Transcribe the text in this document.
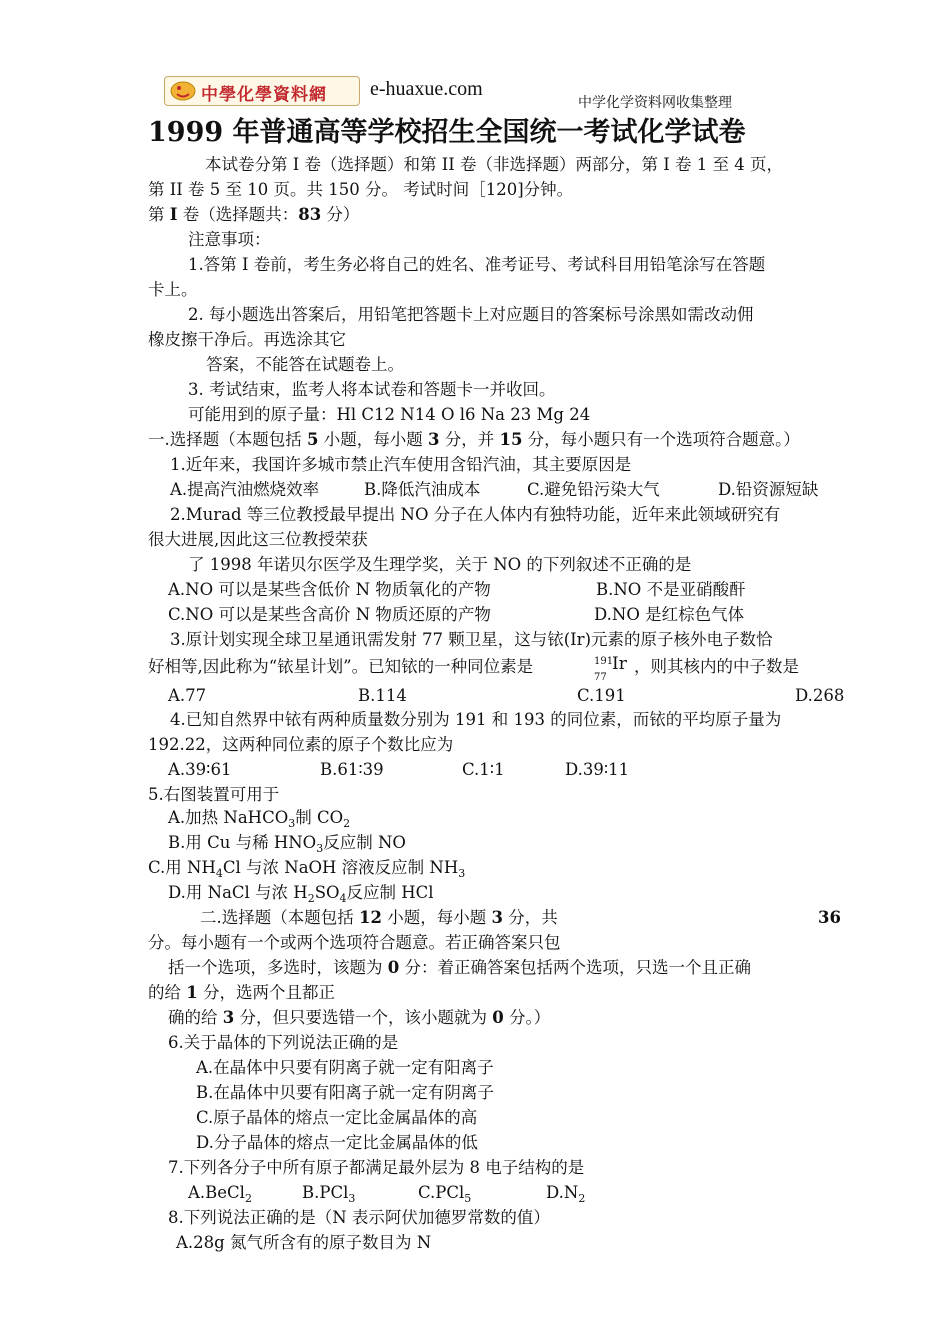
中學化學資料網 e-huaxue.com
中学化学资料网收集整理
1999 年普通高等学校招生全国统一考试化学试卷
本试卷分第 I 卷（选择题）和第 II 卷（非选择题）两部分，第 I 卷 1 至 4 页，
第 II 卷 5 至 10 页。共 150 分。 考试时间［120]分钟。
第 I 卷（选择题共：83 分）
注意事项：
1.答第 I 卷前，考生务必将自己的姓名、准考证号、考试科目用铅笔涂写在答题
卡上。
2. 每小题选出答案后，用铅笔把答题卡上对应题目的答案标号涂黑如需改动佣
橡皮擦干净后。再选涂其它
答案，不能答在试题卷上。
3. 考试结束，监考人将本试卷和答题卡一并收回。
可能用到的原子量：Hl C12 N14 O l6 Na 23 Mg 24
一.选择题（本题包括 5 小题，每小题 3 分，并 15 分，每小题只有一个选项符合题意。）
1.近年来，我国许多城市禁止汽车使用含铅汽油，其主要原因是
A.提高汽油燃烧效率	B.降低汽油成本	C.避免铅污染大气	D.铅资源短缺
2.Murad 等三位教授最早提出 NO 分子在人体内有独特功能，近年来此领域研究有
很大进展,因此这三位教授荣获
了 1998 年诺贝尔医学及生理学奖，关于 NO 的下列叙述不正确的是
A.NO 可以是某些含低价 N 物质氧化的产物	B.NO 不是亚硝酸酐
C.NO 可以是某些含高价 N 物质还原的产物	D.NO 是红棕色气体
3.原计划实现全球卫星通讯需发射 77 颗卫星，这与铱(Ir)元素的原子核外电子数恰
好相等,因此称为“铱星计划”。已知铱的一种同位素是	191
77
Ir ，则其核内的中子数是
A.77	B.114	C.191	D.268
4.已知自然界中铱有两种质量数分别为 191 和 193 的同位素，而铱的平均原子量为
192.22，这两种同位素的原子个数比应为
A.39∶61	B.61∶39	C.1∶1	D.39∶11
5.右图装置可用于
A.加热 NaHCO$_3$制 $CO_2$
B.用 Cu 与稀 $HNO_3$反应制 NO
C.用 $NH_4Cl$ 与浓 NaOH 溶液反应制 $NH_3$
D.用 NaCl 与浓 $H_2SO_4$反应制 HCl
二.选择题（本题包括 12 小题，每小题 3 分，共	36
分。每小题有一个或两个选项符合题意。若正确答案只包
括一个选项，多选时，该题为 0 分：着正确答案包括两个选项，只选一个且正确
的给 1 分，选两个且都正
确的给 3 分，但只要选错一个，该小题就为 0 分。）
6.关于晶体的下列说法正确的是
A.在晶体中只要有阴离子就一定有阳离子
B.在晶体中贝要有阳离子就一定有阴离子
C.原子晶体的熔点一定比金属晶体的高
D.分子晶体的熔点一定比金属晶体的低
7.下列各分子中所有原子都满足最外层为 8 电子结构的是
A.BeCl$_2$	B.PCl$_3$	C.PCl$_5$	$D.N_2$
8.下列说法正确的是（N 表示阿伏加德罗常数的值）
A.28g 氮气所含有的原子数目为 N
